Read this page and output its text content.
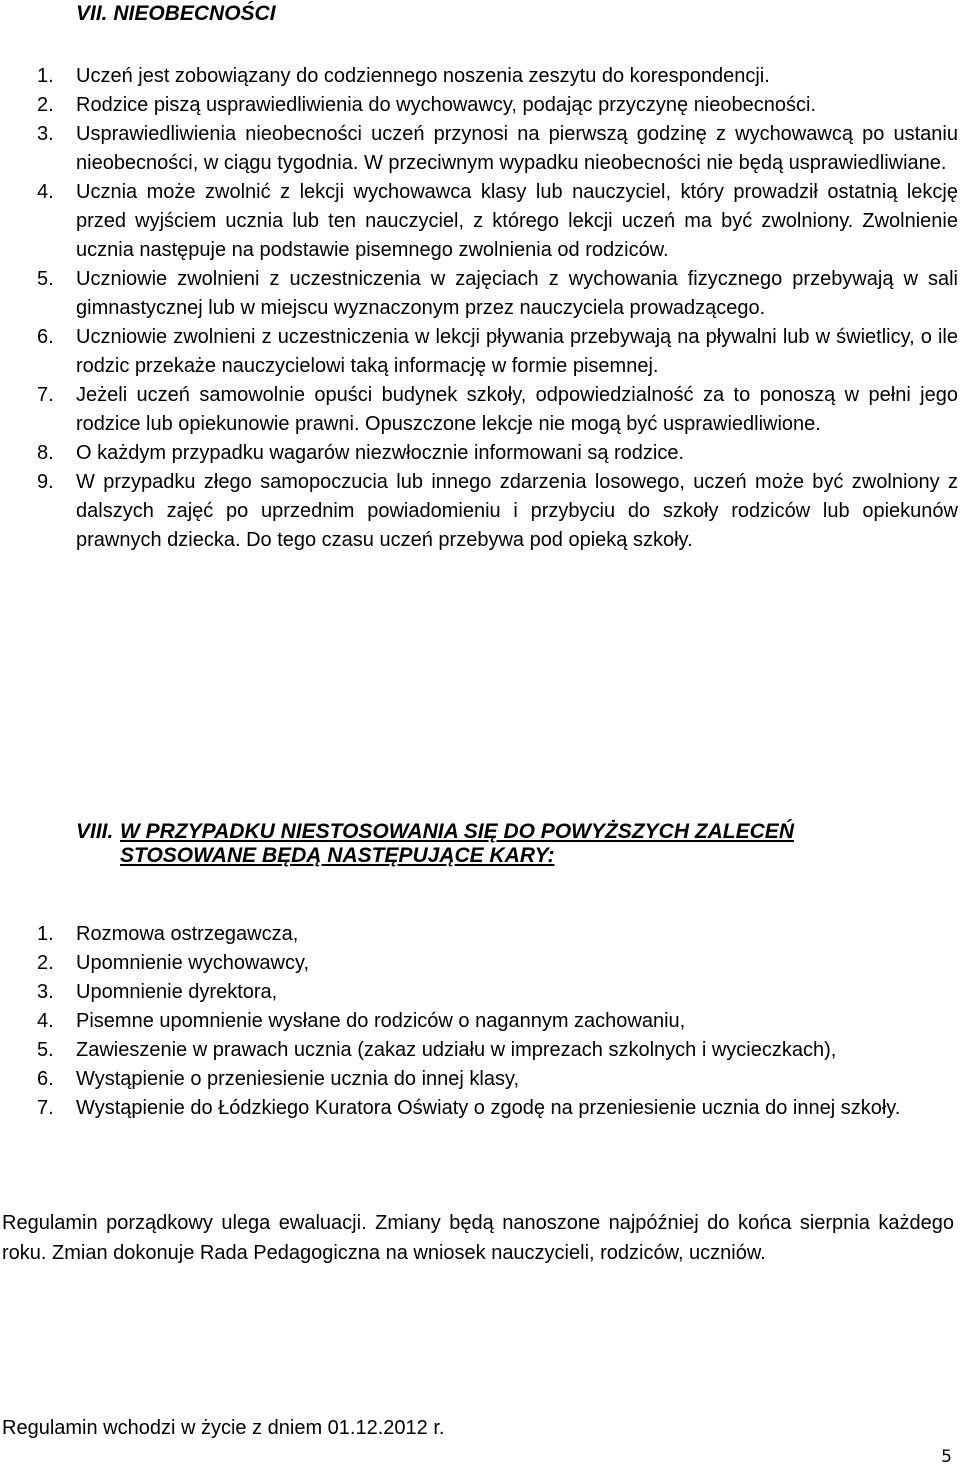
VII. NIEOBECNOŚCI
1. Uczeń jest zobowiązany do codziennego noszenia zeszytu do korespondencji.
2. Rodzice piszą usprawiedliwienia do wychowawcy, podając przyczynę nieobecności.
3. Usprawiedliwienia nieobecności uczeń przynosi na pierwszą godzinę z wychowawcą po ustaniu nieobecności, w ciągu tygodnia. W przeciwnym wypadku nieobecności nie będą usprawiedliwiane.
4. Ucznia może zwolnić z lekcji wychowawca klasy lub nauczyciel, który prowadził ostatnią lekcję przed wyjściem ucznia lub ten nauczyciel, z którego lekcji uczeń ma być zwolniony. Zwolnienie ucznia następuje na podstawie pisemnego zwolnienia od rodziców.
5. Uczniowie zwolnieni z uczestniczenia w zajęciach z wychowania fizycznego przebywają w sali gimnastycznej lub w miejscu wyznaczonym przez nauczyciela prowadzącego.
6. Uczniowie zwolnieni z uczestniczenia w lekcji pływania przebywają na pływalni lub w świetlicy, o ile rodzic przekaże nauczycielowi taką informację w formie pisemnej.
7. Jeżeli uczeń samowolnie opuści budynek szkoły, odpowiedzialność za to ponoszą w pełni jego rodzice lub opiekunowie prawni. Opuszczone lekcje nie mogą być usprawiedliwione.
8. O każdym przypadku wagarów niezwłocznie informowani są rodzice.
9. W przypadku złego samopoczucia lub innego zdarzenia losowego, uczeń może być zwolniony z dalszych zajęć po uprzednim powiadomieniu i przybyciu do szkoły rodziców lub opiekunów prawnych dziecka. Do tego czasu uczeń przebywa pod opieką szkoły.
VIII. W PRZYPADKU NIESTOSOWANIA SIĘ DO POWYŻSZYCH ZALECEŃ
STOSOWANE BĘDĄ NASTĘPUJĄCE KARY:
1. Rozmowa ostrzegawcza,
2. Upomnienie wychowawcy,
3. Upomnienie dyrektora,
4. Pisemne upomnienie wysłane do rodziców o nagannym zachowaniu,
5. Zawieszenie w prawach ucznia (zakaz udziału w imprezach szkolnych i wycieczkach),
6. Wystąpienie o przeniesienie ucznia do innej klasy,
7. Wystąpienie do Łódzkiego Kuratora Oświaty o zgodę na przeniesienie ucznia do innej szkoły.

Regulamin porządkowy ulega ewaluacji. Zmiany będą nanoszone najpóźniej do końca sierpnia każdego roku. Zmian dokonuje Rada Pedagogiczna na wniosek nauczycieli, rodziców, uczniów.

Regulamin wchodzi w życie z dniem 01.12.2012 r.

5
